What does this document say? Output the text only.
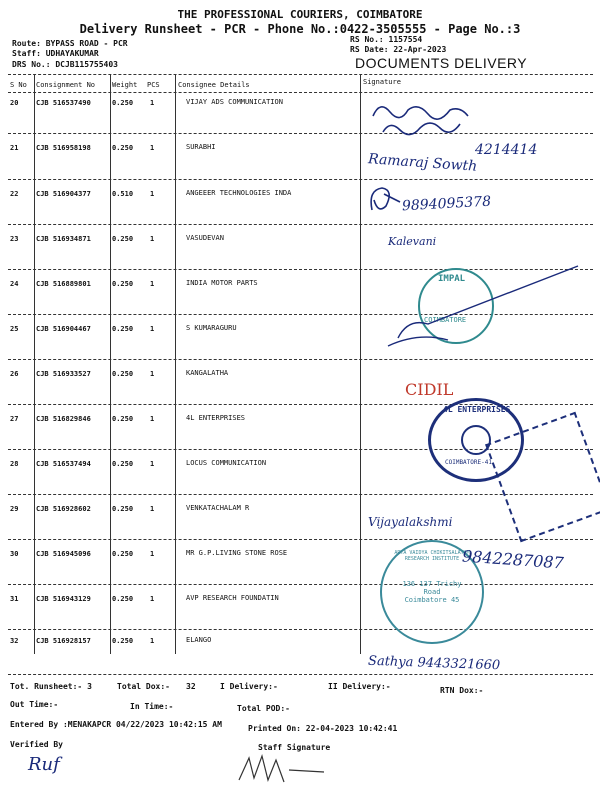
THE PROFESSIONAL COURIERS, COIMBATORE
Delivery Runsheet - PCR - Phone No.:0422-3505555 - Page No.:3
Route: BYPASS ROAD - PCR
Staff: UDHAYAKUMAR
DRS No.: DCJB115755403
RS No.: 1157554
RS Date: 22-Apr-2023
DOCUMENTS DELIVERY
S No Consignment No Weight PCS	Consignee Details	Signature
20	CJB 516537490	0.250 1	VIJAY ADS COMMUNICATION
21	CJB 516958198	0.250 1	SURABHI
22	CJB 516904377	0.510 1	ANGEEER TECHNOLOGIES INDA
23	CJB 516934871	0.250 1	VASUDEVAN
24	CJB 516889801	0.250 1	INDIA MOTOR PARTS
25	CJB 516904467	0.250 1	S KUMARAGURU
26	CJB 516933527	0.250 1	KANGALATHA
27	CJB 516829846	0.250 1	4L ENTERPRISES
28	CJB 516537494	0.250 1	LOCUS COMMUNICATION
29	CJB 516928602	0.250 1	VENKATACHALAM R
30	CJB 516945096	0.250 1	MR G.P.LIVING STONE ROSE
31	CJB 516943129	0.250 1	AVP RESEARCH FOUNDATIN
32	CJB 516928157	0.250 1	ELANGO
4214414
Ramaraj Sowth
9894095378
Kalevani
IMPAL
COIMBATORE
CIDIL
4L ENTERPRISES
COIMBATORE-41
Vijayalakshmi
ARYA VAIDYA CHIKITSALAYAM RESEARCH INSTITUTE
136 137 Trichy Road Coimbatore 45
9842287087
Sathya 9443321660
Tot. Runsheet:- 3	Total Dox:- 32	I Delivery:-	II Delivery:-	RTN Dox:-
Out Time:-	In Time:-	Total POD:-
Entered By :MENAKAPCR 04/22/2023 10:42:15 AM	Printed On: 22-04-2023 10:42:41
Verified By
Ruf
Staff Signature
